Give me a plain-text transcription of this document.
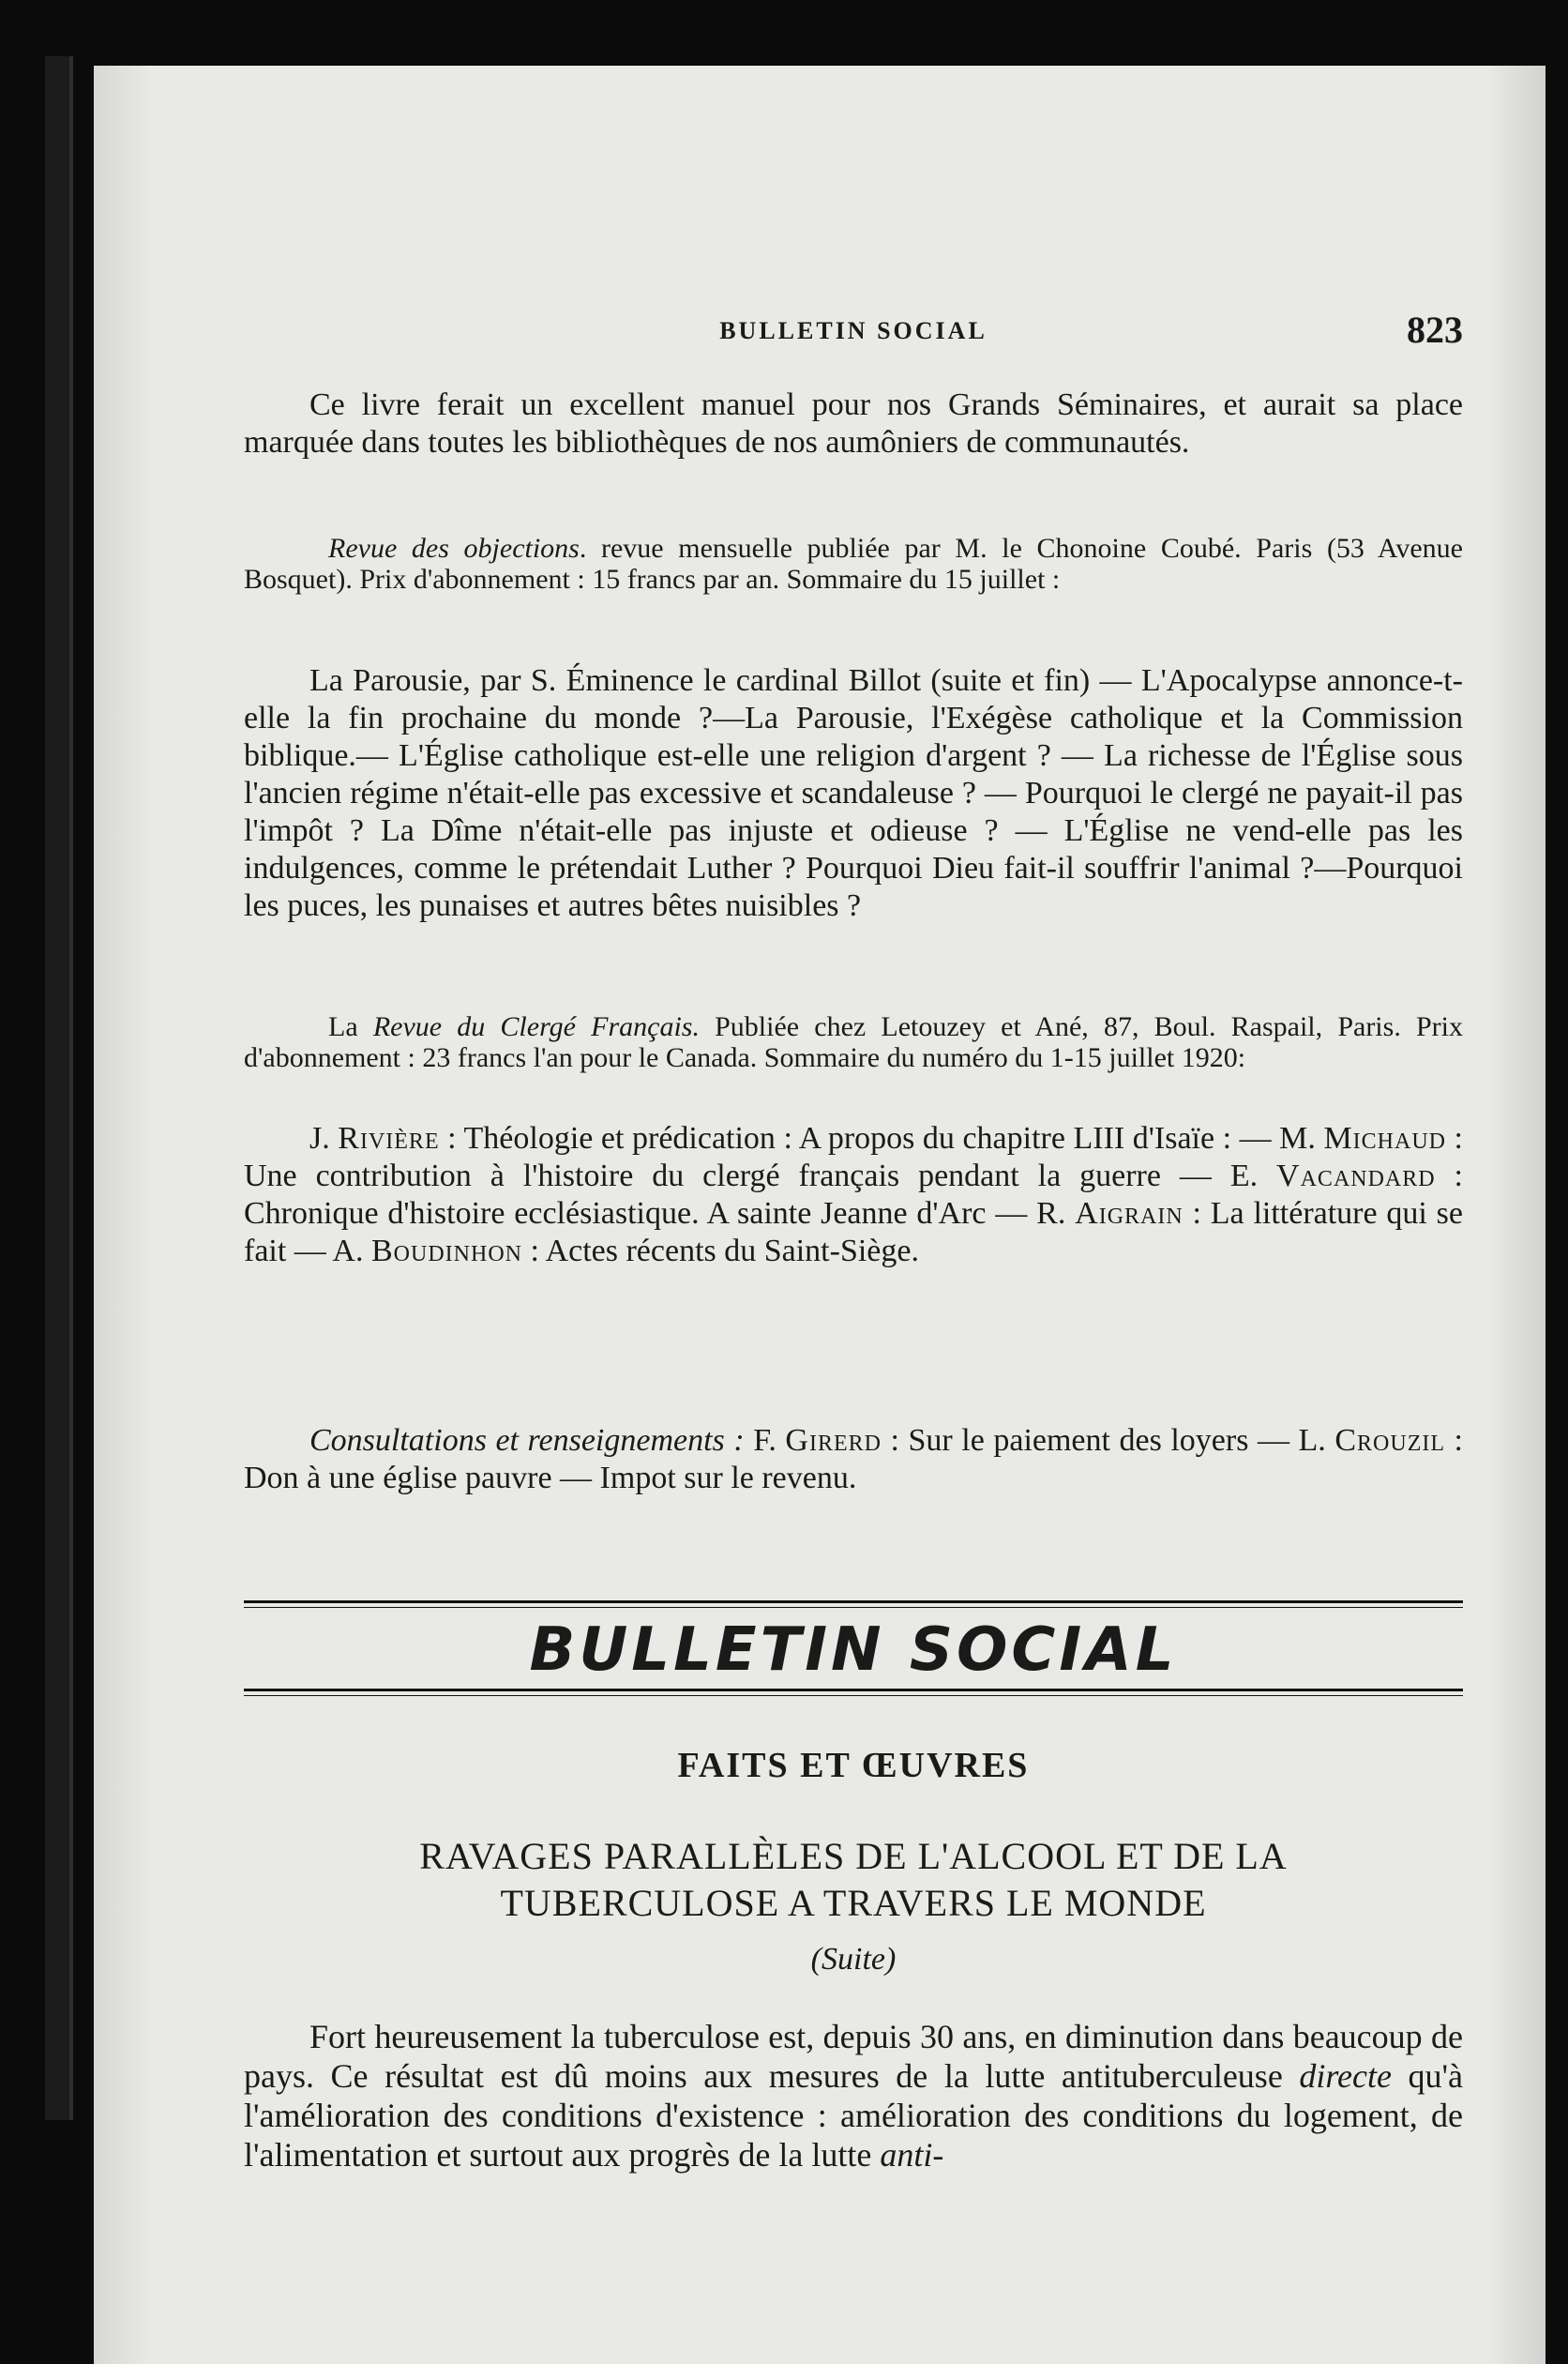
BULLETIN SOCIAL	823

Ce livre ferait un excellent manuel pour nos Grands Séminaires, et aurait sa place marquée dans toutes les bibliothèques de nos aumôniers de communautés.

Revue des objections. revue mensuelle publiée par M. le Chonoine Coubé. Paris (53 Avenue Bosquet). Prix d'abonnement : 15 francs par an. Sommaire du 15 juillet :

La Parousie, par S. Éminence le cardinal Billot (suite et fin) — L'Apocalypse annonce-t-elle la fin prochaine du monde ?—La Parousie, l'Exégèse catholique et la Commission biblique.— L'Église catholique est-elle une religion d'argent ? — La richesse de l'Église sous l'ancien régime n'était-elle pas excessive et scandaleuse ? — Pourquoi le clergé ne payait-il pas l'impôt ? La Dîme n'était-elle pas injuste et odieuse ? — L'Église ne vend-elle pas les indulgences, comme le prétendait Luther ? Pourquoi Dieu fait-il souffrir l'animal ?—Pourquoi les puces, les punaises et autres bêtes nuisibles ?

La Revue du Clergé Français. Publiée chez Letouzey et Ané, 87, Boul. Raspail, Paris. Prix d'abonnement : 23 francs l'an pour le Canada. Sommaire du numéro du 1-15 juillet 1920:

J. Rivière : Théologie et prédication : A propos du chapitre LIII d'Isaïe : — M. Michaud : Une contribution à l'histoire du clergé français pendant la guerre — E. Vacandard : Chronique d'histoire ecclésiastique. A sainte Jeanne d'Arc — R. Aigrain : La littérature qui se fait — A. Boudinhon : Actes récents du Saint-Siège.

Consultations et renseignements : F. Girerd : Sur le paiement des loyers — L. Crouzil : Don à une église pauvre — Impot sur le revenu.

BULLETIN SOCIAL
FAITS ET ŒUVRES
RAVAGES PARALLÈLES DE L'ALCOOL ET DE LA
TUBERCULOSE A TRAVERS LE MONDE
(Suite)

Fort heureusement la tuberculose est, depuis 30 ans, en diminution dans beaucoup de pays. Ce résultat est dû moins aux mesures de la lutte antituberculeuse directe qu'à l'amélioration des conditions d'existence : amélioration des conditions du logement, de l'alimentation et surtout aux progrès de la lutte anti-
